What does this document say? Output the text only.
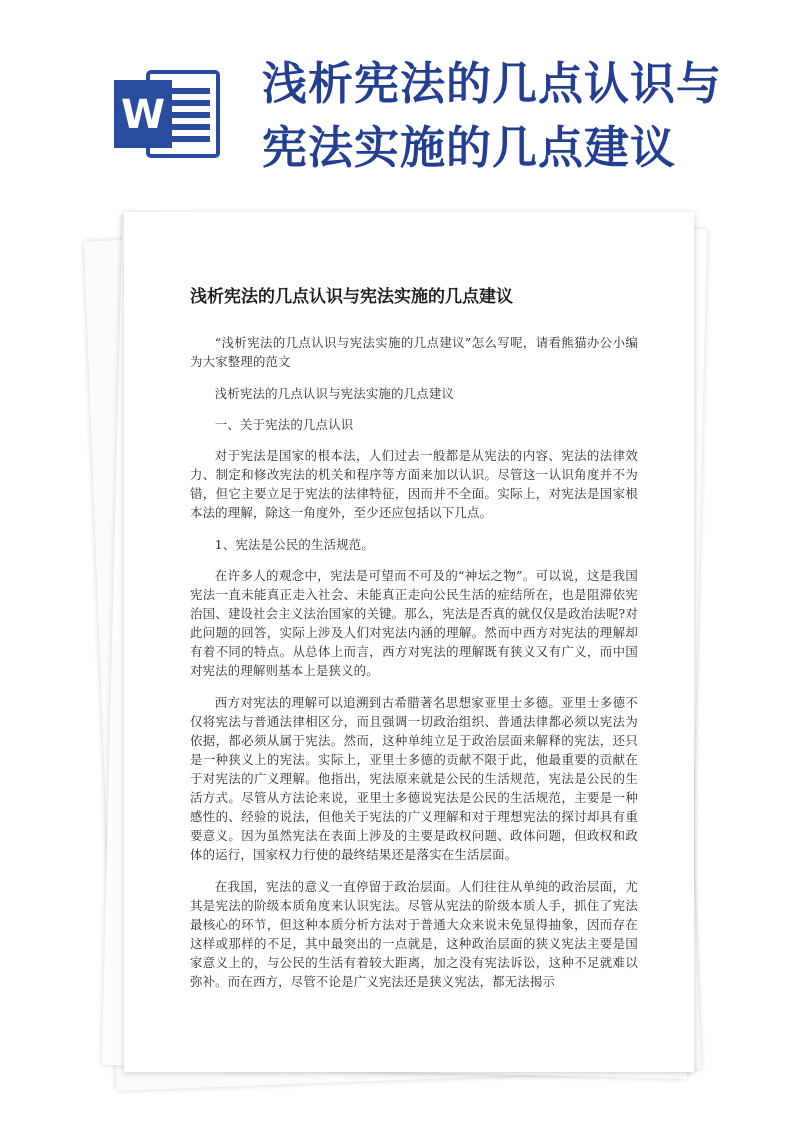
W
浅析宪法的几点认识与
宪法实施的几点建议
浅析宪法的几点认识与宪法实施的几点建议

“浅析宪法的几点认识与宪法实施的几点建议”怎么写呢，请看熊猫办公小编为大家整理的范文

浅析宪法的几点认识与宪法实施的几点建议

一、关于宪法的几点认识

对于宪法是国家的根本法，人们过去一般都是从宪法的内容、宪法的法律效力、制定和修改宪法的机关和程序等方面来加以认识。尽管这一认识角度并不为错，但它主要立足于宪法的法律特征，因而并不全面。实际上，对宪法是国家根本法的理解，除这一角度外，至少还应包括以下几点。

1、宪法是公民的生活规范。

在许多人的观念中，宪法是可望而不可及的“神坛之物”。可以说，这是我国宪法一直未能真正走入社会、未能真正走向公民生活的症结所在，也是阻滞依宪治国、建设社会主义法治国家的关键。那么，宪法是否真的就仅仅是政治法呢?对此问题的回答，实际上涉及人们对宪法内涵的理解。然而中西方对宪法的理解却有着不同的特点。从总体上而言，西方对宪法的理解既有狭义又有广义，而中国对宪法的理解则基本上是狭义的。

西方对宪法的理解可以追溯到古希腊著名思想家亚里士多德。亚里士多德不仅将宪法与普通法律相区分，而且强调一切政治组织、普通法律都必须以宪法为依据，都必须从属于宪法。然而，这种单纯立足于政治层面来解释的宪法，还只是一种狭义上的宪法。实际上，亚里士多德的贡献不限于此，他最重要的贡献在于对宪法的广义理解。他指出，宪法原来就是公民的生活规范，宪法是公民的生活方式。尽管从方法论来说，亚里士多德说宪法是公民的生活规范，主要是一种感性的、经验的说法，但他关于宪法的广义理解和对于理想宪法的探讨却具有重要意义。因为虽然宪法在表面上涉及的主要是政权问题、政体问题，但政权和政体的运行，国家权力行使的最终结果还是落实在生活层面。

在我国，宪法的意义一直停留于政治层面。人们往往从单纯的政治层面，尤其是宪法的阶级本质角度来认识宪法。尽管从宪法的阶级本质人手，抓住了宪法最核心的环节，但这种本质分析方法对于普通大众来说未免显得抽象，因而存在这样或那样的不足，其中最突出的一点就是，这种政治层面的狭义宪法主要是国家意义上的，与公民的生活有着较大距离，加之没有宪法诉讼，这种不足就难以弥补。而在西方，尽管不论是广义宪法还是狭义宪法，都无法揭示
